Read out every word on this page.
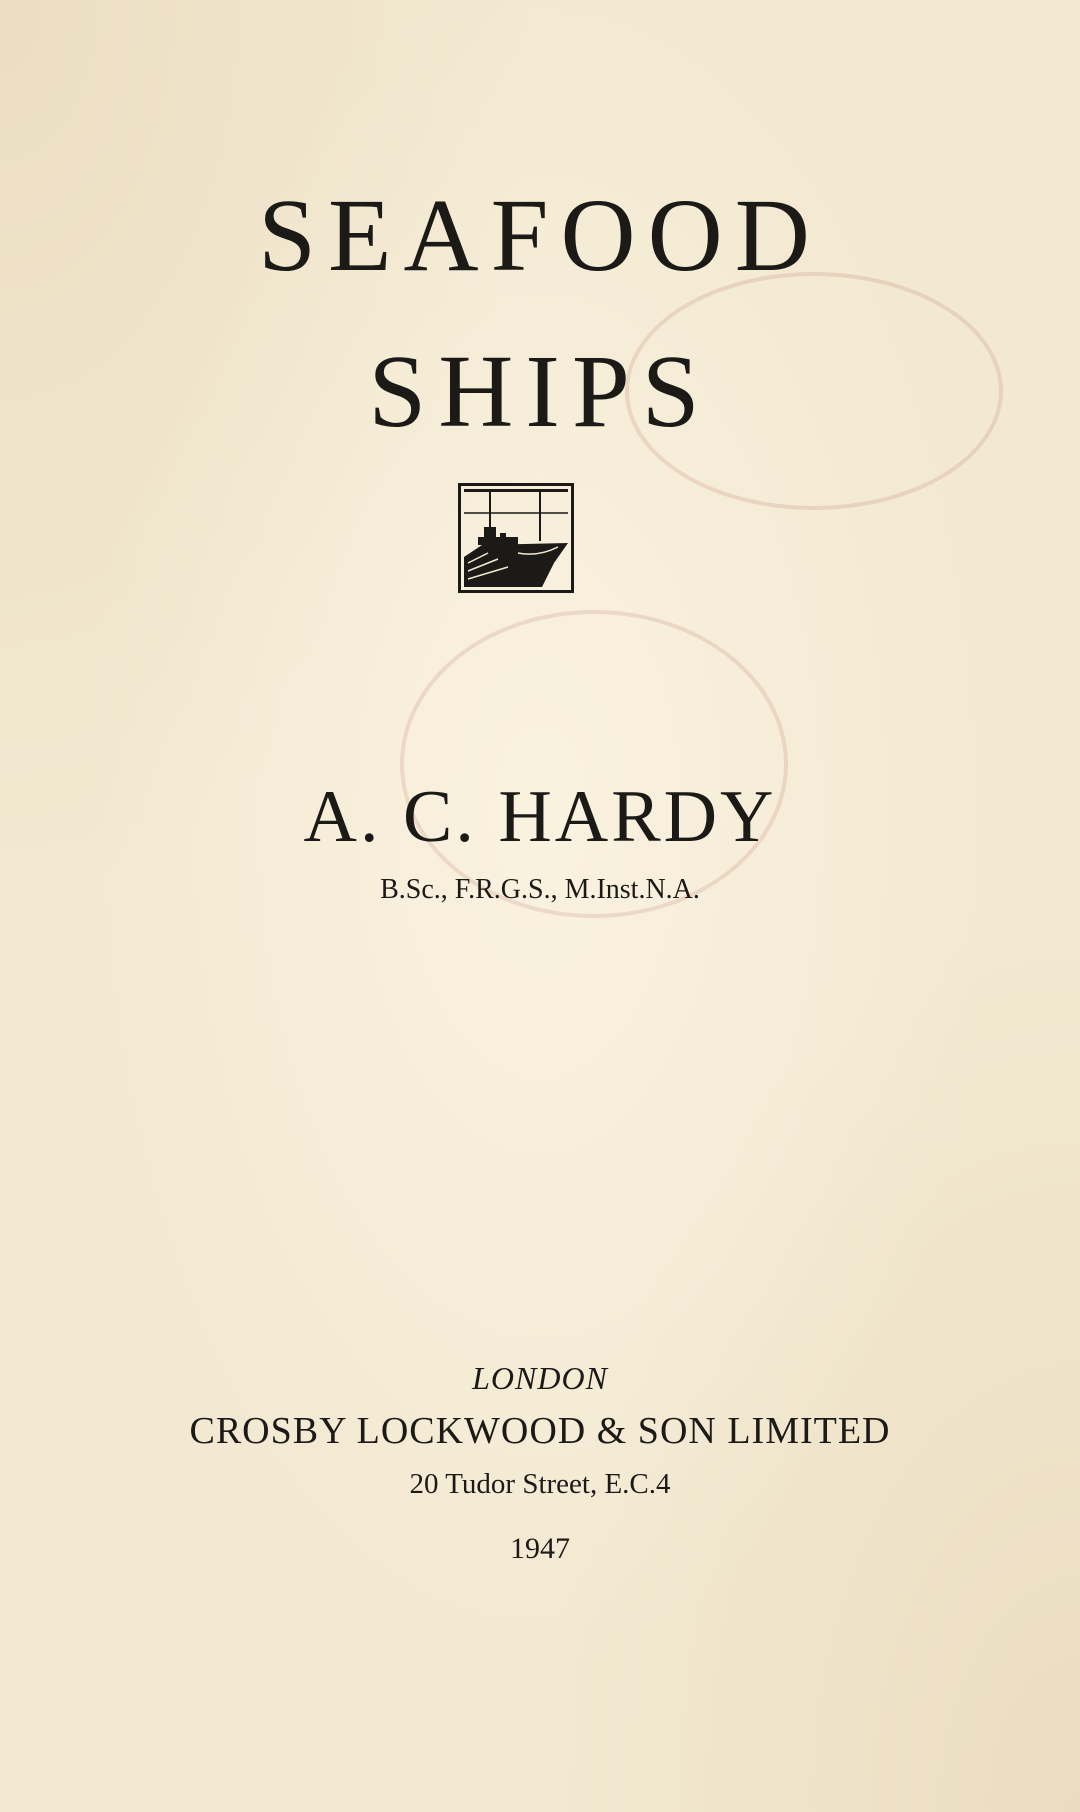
SEAFOOD
SHIPS
A. C. HARDY
B.Sc., F.R.G.S., M.Inst.N.A.
LONDON
CROSBY LOCKWOOD & SON LIMITED
20 Tudor Street, E.C.4
1947
